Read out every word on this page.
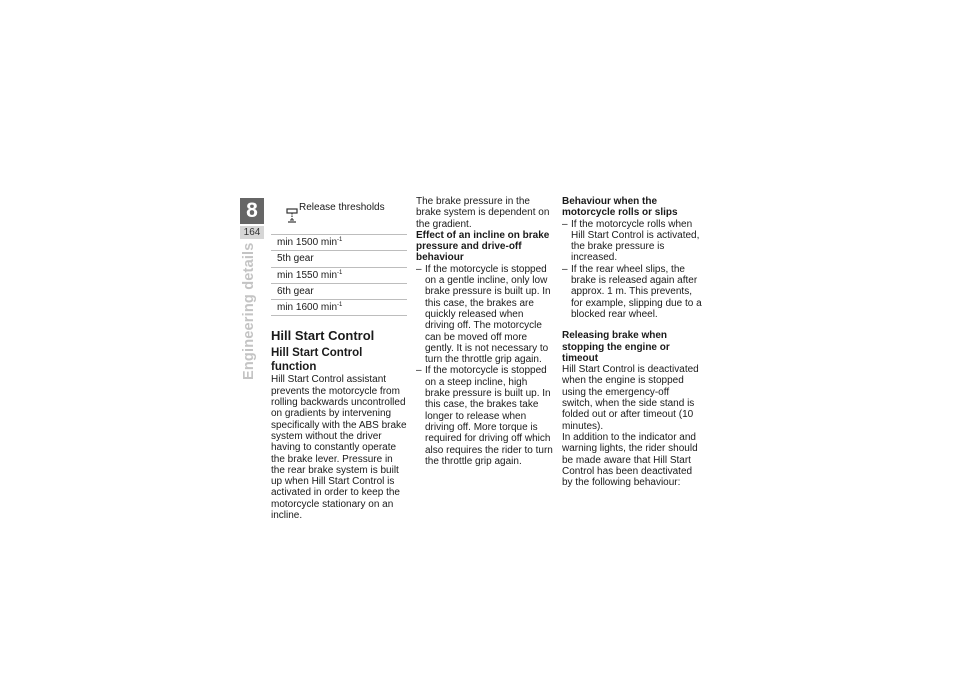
8
164
Engineering details
Release thresholds

min 1500 $\min^{-1}$
5th gear
min 1550 $\min^{-1}$
6th gear
min 1600 $\min^{-1}$
Hill Start Control
Hill Start Control function

Hill Start Control assistant prevents the motorcycle from rolling backwards uncontrolled on gradients by intervening specifically with the ABS brake system without the driver having to constantly operate the brake lever. Pressure in the rear brake system is built up when Hill Start Control is activated in order to keep the motorcycle stationary on an incline.

The brake pressure in the brake system is dependent on the gradient.

Effect of an incline on brake pressure and drive-off behaviour
– If the motorcycle is stopped on a gentle incline, only low brake pressure is built up. In this case, the brakes are quickly released when driving off. The motorcycle can be moved off more gently. It is not necessary to turn the throttle grip again.
– If the motorcycle is stopped on a steep incline, high brake pressure is built up. In this case, the brakes take longer to release when driving off. More torque is required for driving off which also requires the rider to turn the throttle grip again.
Behaviour when the motorcycle rolls or slips
– If the motorcycle rolls when Hill Start Control is activated, the brake pressure is increased.
– If the rear wheel slips, the brake is released again after approx. 1 m. This prevents, for example, slipping due to a blocked rear wheel.
Releasing brake when stopping the engine or timeout

Hill Start Control is deactivated when the engine is stopped using the emergency-off switch, when the side stand is folded out or after timeout (10 minutes).

In addition to the indicator and warning lights, the rider should be made aware that Hill Start Control has been deactivated by the following behaviour:
